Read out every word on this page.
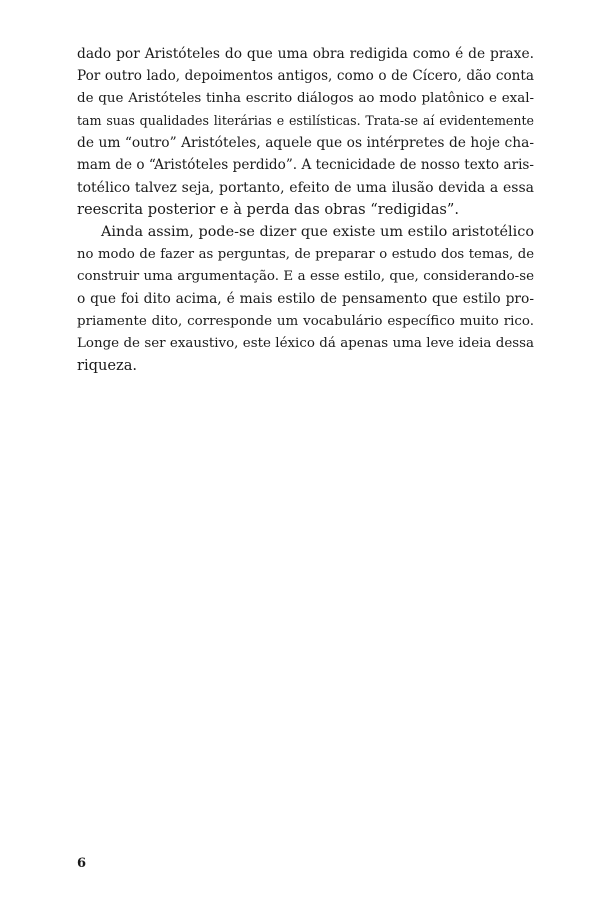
dado por Aristóteles do que uma obra redigida como é de praxe.
Por outro lado, depoimentos antigos, como o de Cícero, dão conta
de que Aristóteles tinha escrito diálogos ao modo platônico e exal-
tam suas qualidades literárias e estilísticas. Trata-se aí evidentemente
de um “outro” Aristóteles, aquele que os intérpretes de hoje cha-
mam de o “Aristóteles perdido”. A tecnicidade de nosso texto aris-
totélico talvez seja, portanto, efeito de uma ilusão devida a essa
reescrita posterior e à perda das obras “redigidas”.
Ainda assim, pode-se dizer que existe um estilo aristotélico
no modo de fazer as perguntas, de preparar o estudo dos temas, de
construir uma argumentação. E a esse estilo, que, considerando-se
o que foi dito acima, é mais estilo de pensamento que estilo pro-
priamente dito, corresponde um vocabulário específico muito rico.
Longe de ser exaustivo, este léxico dá apenas uma leve ideia dessa
riqueza.
6
